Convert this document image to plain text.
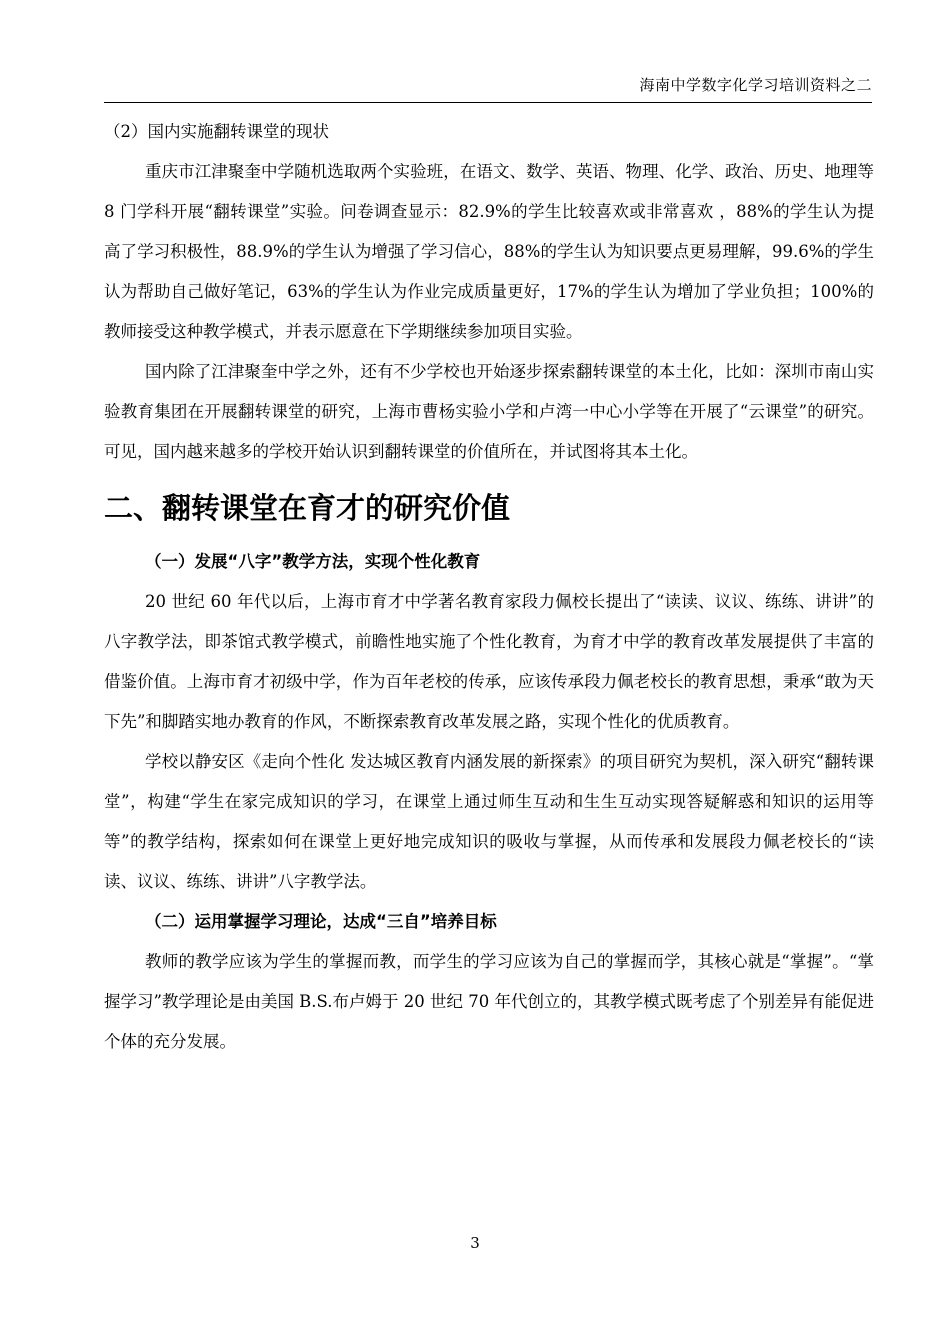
海南中学数字化学习培训资料之二
（2）国内实施翻转课堂的现状

重庆市江津聚奎中学随机选取两个实验班，在语文、数学、英语、物理、化学、政治、历史、地理等 8 门学科开展“翻转课堂”实验。问卷调查显示：82.9%的学生比较喜欢或非常喜欢 ，88%的学生认为提高了学习积极性，88.9%的学生认为增强了学习信心，88%的学生认为知识要点更易理解，99.6%的学生认为帮助自己做好笔记，63%的学生认为作业完成质量更好，17%的学生认为增加了学业负担；100%的教师接受这种教学模式，并表示愿意在下学期继续参加项目实验。

国内除了江津聚奎中学之外，还有不少学校也开始逐步探索翻转课堂的本土化，比如：深圳市南山实验教育集团在开展翻转课堂的研究，上海市曹杨实验小学和卢湾一中心小学等在开展了“云课堂”的研究。可见，国内越来越多的学校开始认识到翻转课堂的价值所在，并试图将其本土化。

二、翻转课堂在育才的研究价值
（一）发展“八字”教学方法，实现个性化教育

20 世纪 60 年代以后，上海市育才中学著名教育家段力佩校长提出了“读读、议议、练练、讲讲”的八字教学法，即茶馆式教学模式，前瞻性地实施了个性化教育，为育才中学的教育改革发展提供了丰富的借鉴价值。上海市育才初级中学，作为百年老校的传承，应该传承段力佩老校长的教育思想，秉承“敢为天下先”和脚踏实地办教育的作风，不断探索教育改革发展之路，实现个性化的优质教育。

学校以静安区《走向个性化 发达城区教育内涵发展的新探索》的项目研究为契机，深入研究“翻转课堂”，构建“学生在家完成知识的学习，在课堂上通过师生互动和生生互动实现答疑解惑和知识的运用等等”的教学结构，探索如何在课堂上更好地完成知识的吸收与掌握，从而传承和发展段力佩老校长的“读读、议议、练练、讲讲”八字教学法。

（二）运用掌握学习理论，达成“三自”培养目标

教师的教学应该为学生的掌握而教，而学生的学习应该为自己的掌握而学，其核心就是“掌握”。“掌握学习”教学理论是由美国 B.S.布卢姆于 20 世纪 70 年代创立的，其教学模式既考虑了个别差异有能促进个体的充分发展。

3
